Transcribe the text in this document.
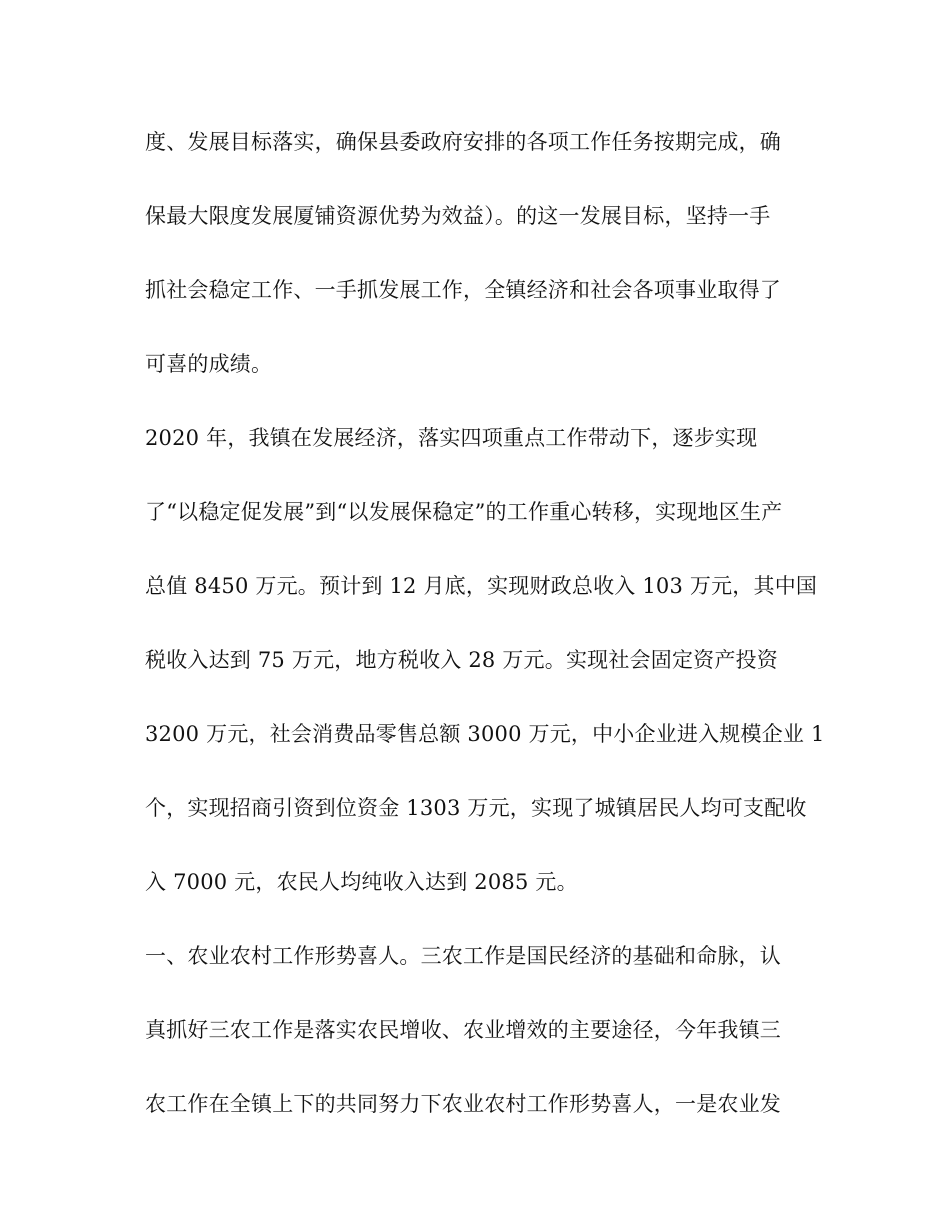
度、发展目标落实，确保县委政府安排的各项工作任务按期完成，确
保最大限度发展厦铺资源优势为效益）。的这一发展目标，坚持一手
抓社会稳定工作、一手抓发展工作，全镇经济和社会各项事业取得了
可喜的成绩。
2020 年，我镇在发展经济，落实四项重点工作带动下，逐步实现
了“以稳定促发展”到“以发展保稳定”的工作重心转移，实现地区生产
总值 8450 万元。预计到 12 月底，实现财政总收入 103 万元，其中国
税收入达到 75 万元，地方税收入 28 万元。实现社会固定资产投资
3200 万元，社会消费品零售总额 3000 万元，中小企业进入规模企业 1
个，实现招商引资到位资金 1303 万元，实现了城镇居民人均可支配收
入 7000 元，农民人均纯收入达到 2085 元。
一、农业农村工作形势喜人。三农工作是国民经济的基础和命脉，认
真抓好三农工作是落实农民增收、农业增效的主要途径，今年我镇三
农工作在全镇上下的共同努力下农业农村工作形势喜人，一是农业发
